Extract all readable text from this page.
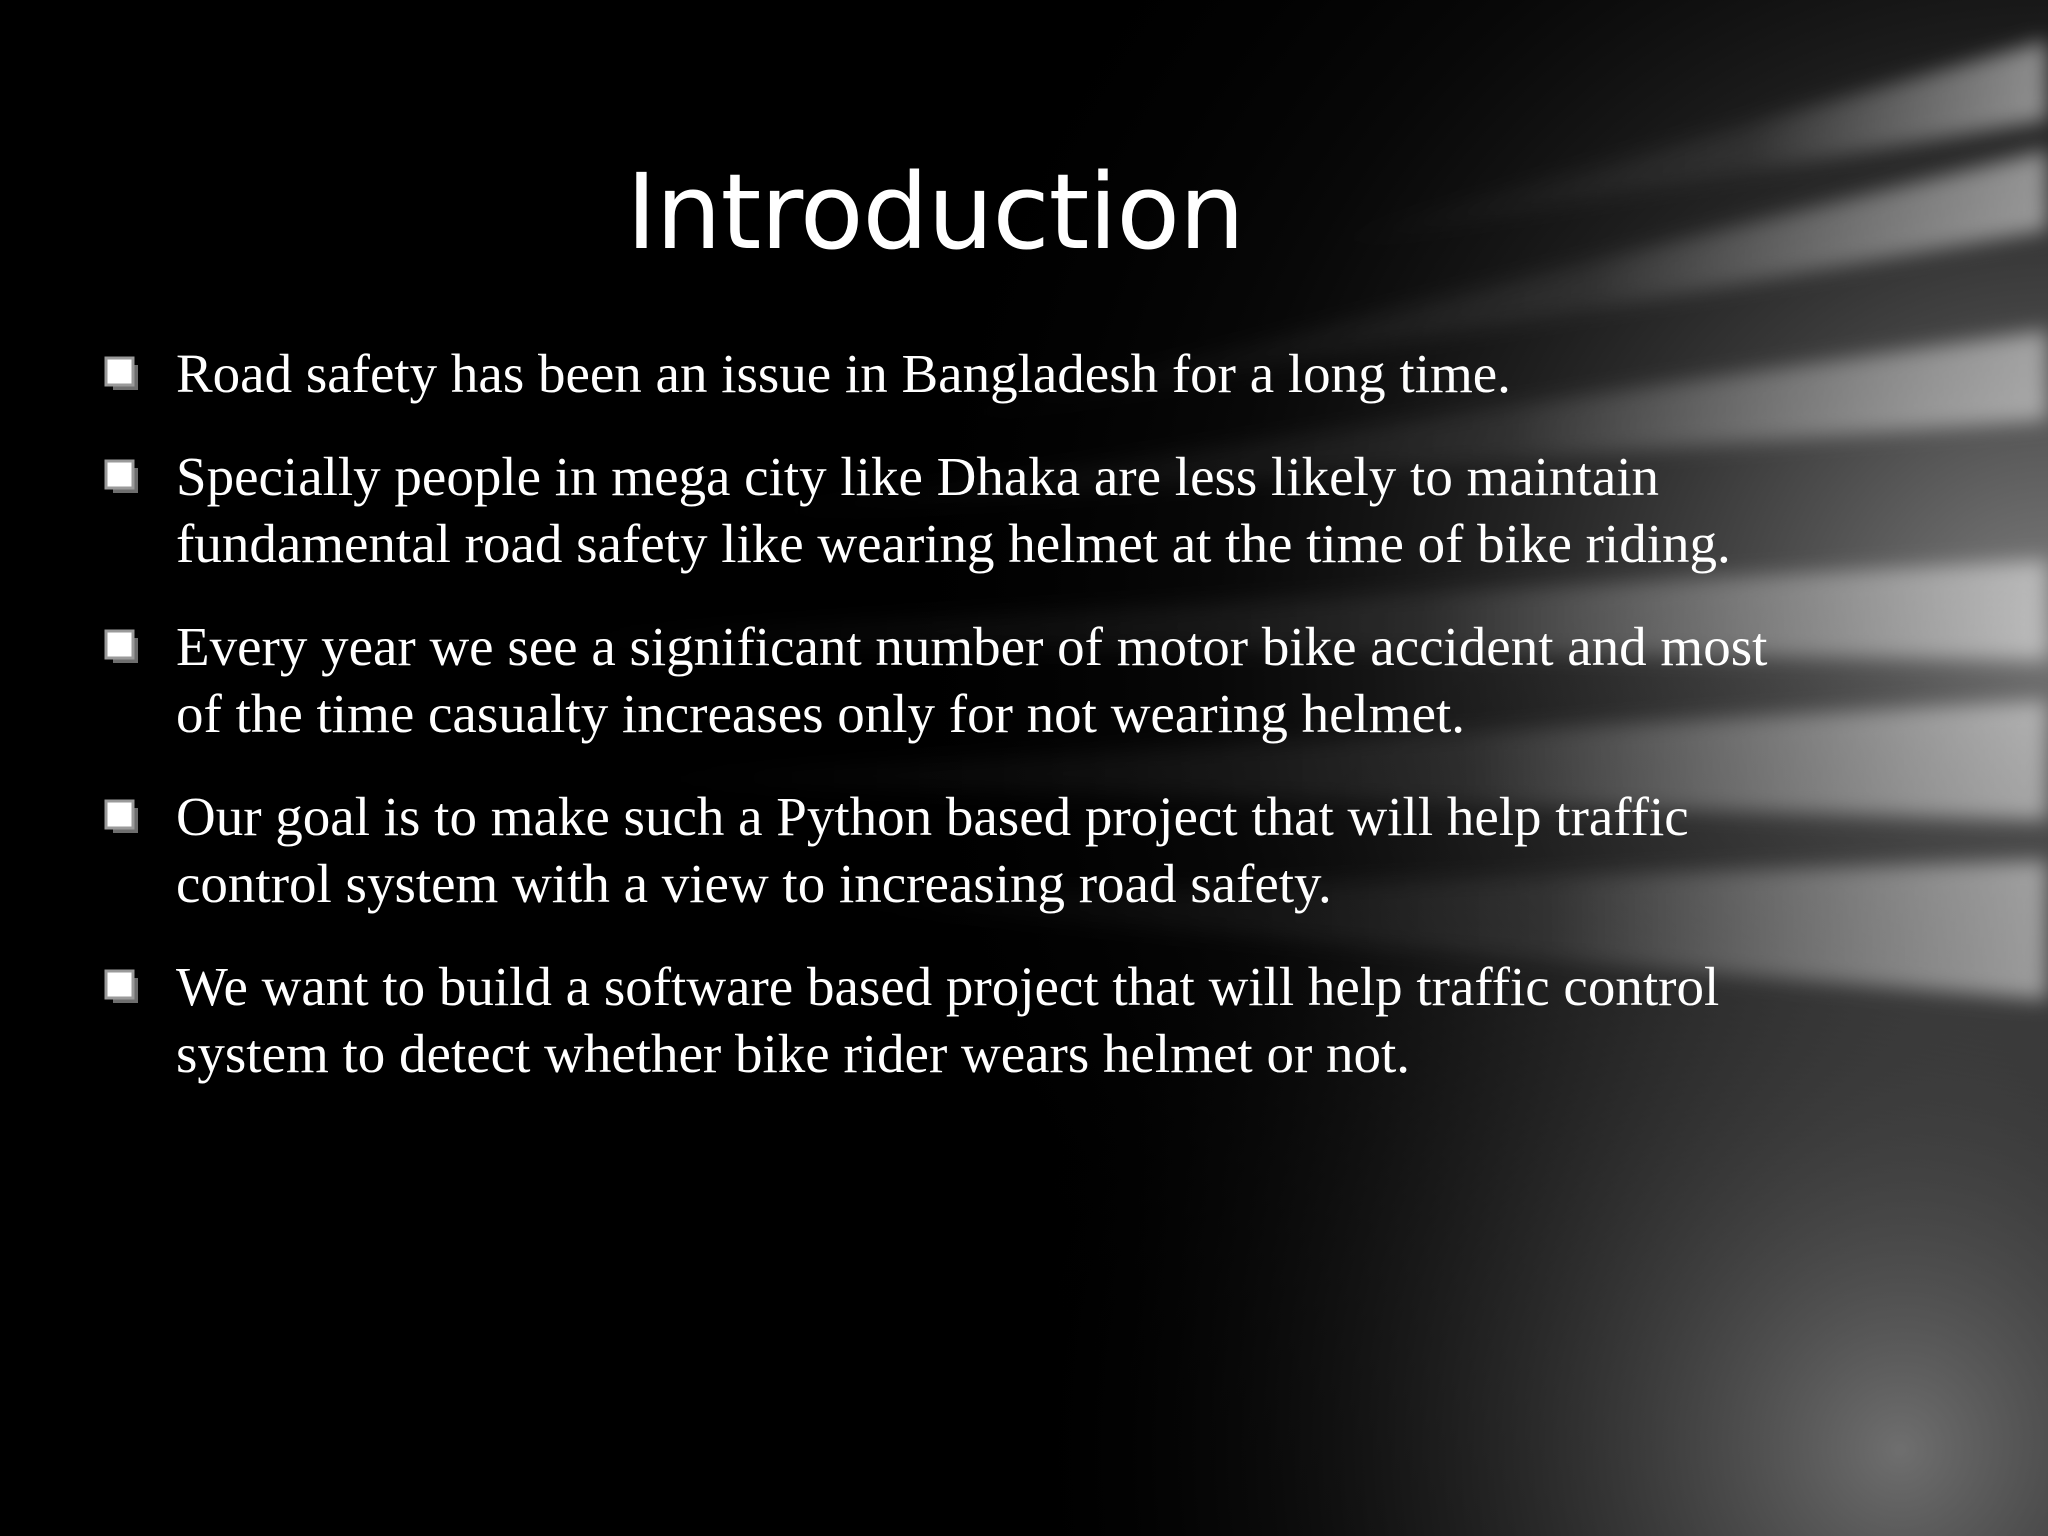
Introduction
Road safety has been an issue in Bangladesh for a long time.
Specially people in mega city like Dhaka are less likely to maintain fundamental road safety like wearing helmet at the time of bike riding.
Every year we see a significant number of motor bike accident and most of the time casualty increases only for not wearing helmet.
Our goal is to make such a Python based project that will help traffic control system with a view to increasing road safety.
We want to build a software based project that will help traffic control system to detect whether bike rider wears helmet or not.
